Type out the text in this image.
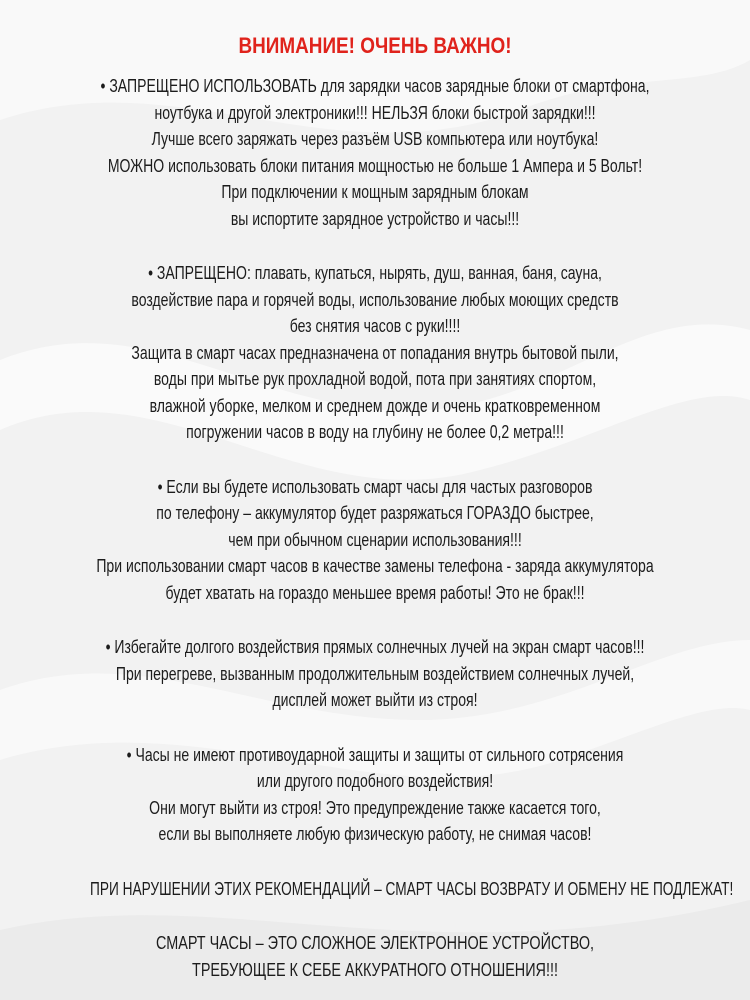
ВНИМАНИЕ! ОЧЕНЬ ВАЖНО!
• ЗАПРЕЩЕНО ИСПОЛЬЗОВАТЬ для зарядки часов зарядные блоки от смартфона,
ноутбука и другой электроники!!! НЕЛЬЗЯ блоки быстрой зарядки!!!
Лучше всего заряжать через разъём USB компьютера или ноутбука!
МОЖНО использовать блоки питания мощностью не больше 1 Ампера и 5 Вольт!
При подключении к мощным зарядным блокам
вы испортите зарядное устройство и часы!!!
• ЗАПРЕЩЕНО: плавать, купаться, нырять, душ, ванная, баня, сауна,
воздействие пара и горячей воды, использование любых моющих средств
без снятия часов с руки!!!!
Защита в смарт часах предназначена от попадания внутрь бытовой пыли,
воды при мытье рук прохладной водой, пота при занятиях спортом,
влажной уборке, мелком и среднем дожде и очень кратковременном
погружении часов в воду на глубину не более 0,2 метра!!!
• Если вы будете использовать смарт часы для частых разговоров
по телефону – аккумулятор будет разряжаться ГОРАЗДО быстрее,
чем при обычном сценарии использования!!!
При использовании смарт часов в качестве замены телефона - заряда аккумулятора
будет хватать на гораздо меньшее время работы! Это не брак!!!
• Избегайте долгого воздействия прямых солнечных лучей на экран смарт часов!!!
При перегреве, вызванным продолжительным воздействием солнечных лучей,
дисплей может выйти из строя!
• Часы не имеют противоударной защиты и защиты от сильного сотрясения
или другого подобного воздействия!
Они могут выйти из строя! Это предупреждение также касается того,
если вы выполняете любую физическую работу, не снимая часов!
ПРИ НАРУШЕНИИ ЭТИХ РЕКОМЕНДАЦИЙ – СМАРТ ЧАСЫ ВОЗВРАТУ И ОБМЕНУ НЕ ПОДЛЕЖАТ!
СМАРТ ЧАСЫ – ЭТО СЛОЖНОЕ ЭЛЕКТРОННОЕ УСТРОЙСТВО,
ТРЕБУЮЩЕЕ К СЕБЕ АККУРАТНОГО ОТНОШЕНИЯ!!!
